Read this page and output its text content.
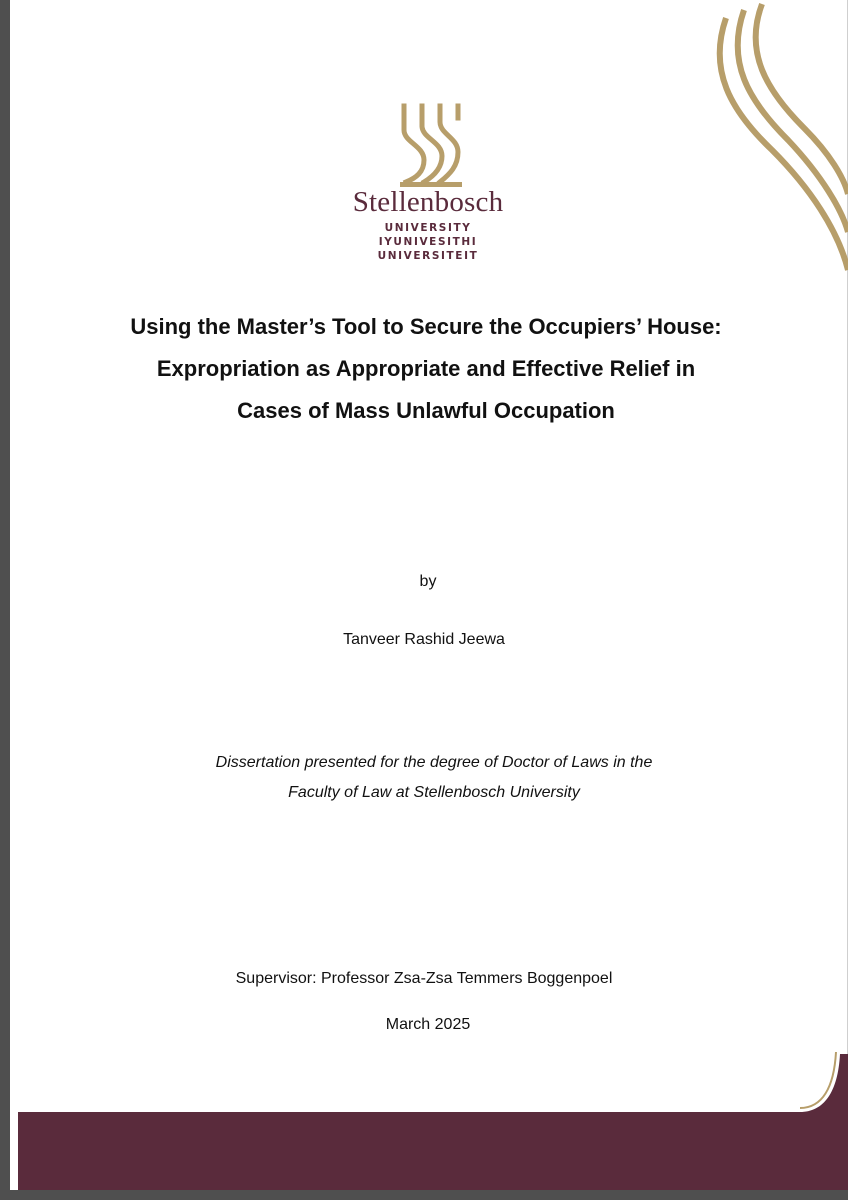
Stellenbosch
UNIVERSITY
IYUNIVESITHI
UNIVERSITEIT
Using the Master’s Tool to Secure the Occupiers’ House:
Expropriation as Appropriate and Effective Relief in
Cases of Mass Unlawful Occupation
by
Tanveer Rashid Jeewa
Dissertation presented for the degree of Doctor of Laws in the
Faculty of Law at Stellenbosch University
Supervisor: Professor Zsa-Zsa Temmers Boggenpoel
March 2025
